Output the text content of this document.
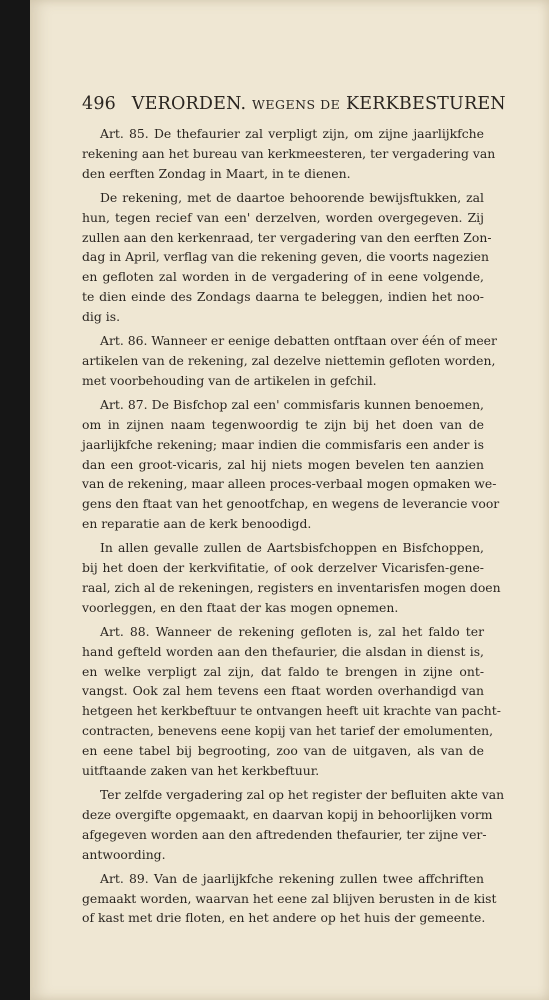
496 VERORDEN. WEGENS DE KERKBESTUREN
Art. 85. De thefaurier zal verpligt zijn, om zijne jaarlijkfche
rekening aan het bureau van kerkmeesteren, ter vergadering van
den eerften Zondag in Maart, in te dienen.
De rekening, met de daartoe behoorende bewijsftukken, zal
hun, tegen recief van een' derzelven, worden overgegeven. Zij
zullen aan den kerkenraad, ter vergadering van den eerften Zon-
dag in April, verflag van die rekening geven, die voorts nagezien
en gefloten zal worden in de vergadering of in eene volgende,
te dien einde des Zondags daarna te beleggen, indien het noo-
dig is.
Art. 86. Wanneer er eenige debatten ontftaan over één of meer
artikelen van de rekening, zal dezelve niettemin gefloten worden,
met voorbehouding van de artikelen in gefchil.
Art. 87. De Bisfchop zal een' commisfaris kunnen benoemen,
om in zijnen naam tegenwoordig te zijn bij het doen van de
jaarlijkfche rekening; maar indien die commisfaris een ander is
dan een groot-vicaris, zal hij niets mogen bevelen ten aanzien
van de rekening, maar alleen proces-verbaal mogen opmaken we-
gens den ftaat van het genootfchap, en wegens de leverancie voor
en reparatie aan de kerk benoodigd.
In allen gevalle zullen de Aartsbisfchoppen en Bisfchoppen,
bij het doen der kerkvifitatie, of ook derzelver Vicarisfen-gene-
raal, zich al de rekeningen, registers en inventarisfen mogen doen
voorleggen, en den ftaat der kas mogen opnemen.
Art. 88. Wanneer de rekening gefloten is, zal het faldo ter
hand gefteld worden aan den thefaurier, die alsdan in dienst is,
en welke verpligt zal zijn, dat faldo te brengen in zijne ont-
vangst. Ook zal hem tevens een ftaat worden overhandigd van
hetgeen het kerkbeftuur te ontvangen heeft uit krachte van pacht-
contracten, benevens eene kopij van het tarief der emolumenten,
en eene tabel bij begrooting, zoo van de uitgaven, als van de
uitftaande zaken van het kerkbeftuur.
Ter zelfde vergadering zal op het register der befluiten akte van
deze overgifte opgemaakt, en daarvan kopij in behoorlijken vorm
afgegeven worden aan den aftredenden thefaurier, ter zijne ver-
antwoording.
Art. 89. Van de jaarlijkfche rekening zullen twee affchriften
gemaakt worden, waarvan het eene zal blijven berusten in de kist
of kast met drie floten, en het andere op het huis der gemeente.
